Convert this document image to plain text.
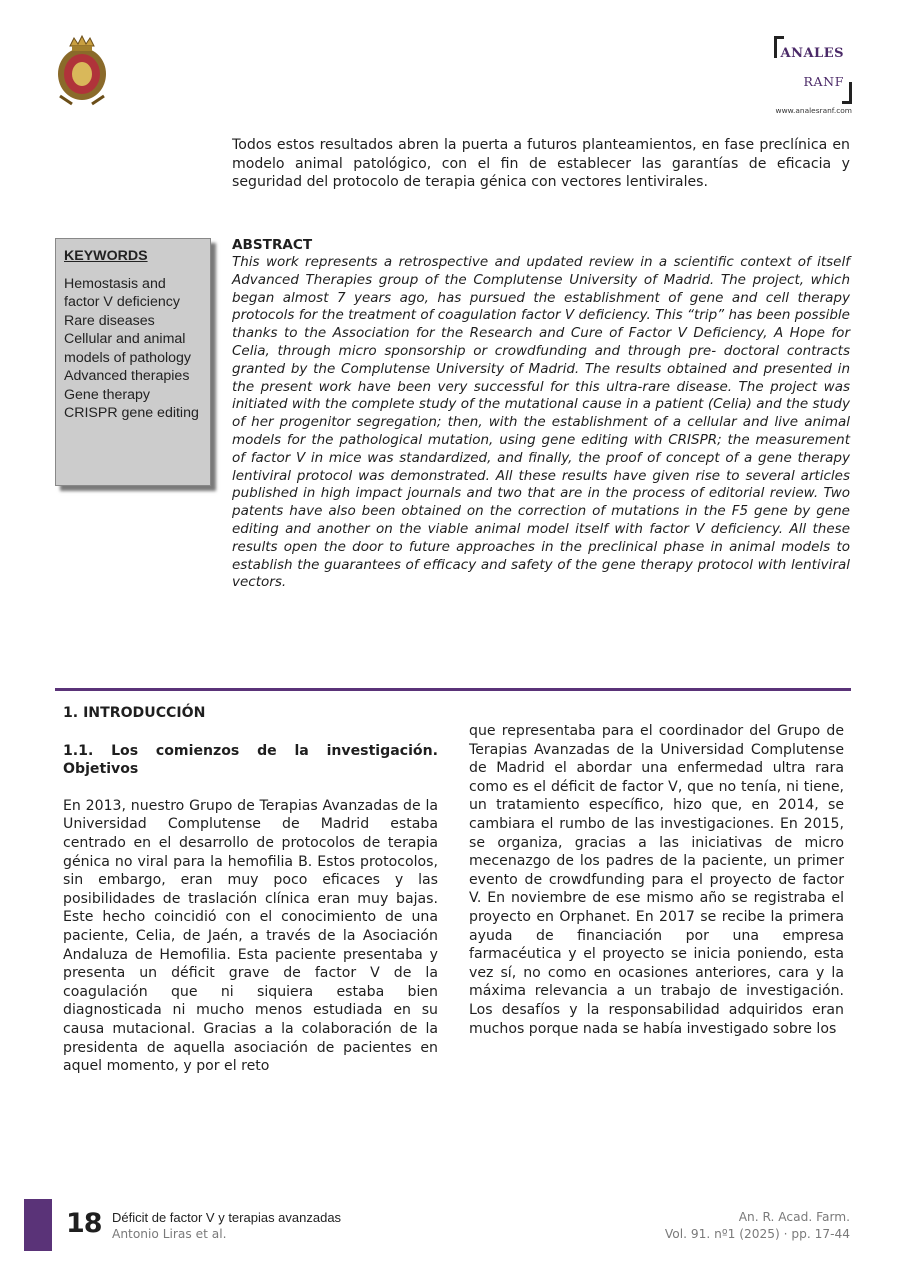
ANALES
RANF
www.analesranf.com

Todos estos resultados abren la puerta a futuros planteamientos, en fase preclínica en modelo animal patológico, con el fin de establecer las garantías de eficacia y seguridad del protocolo de terapia génica con vectores lentivirales.

KEYWORDS
Hemostasis and factor V deficiency
Rare diseases
Cellular and animal models of pathology
Advanced therapies
Gene therapy
CRISPR gene editing
ABSTRACT

This work represents a retrospective and updated review in a scientific context of itself Advanced Therapies group of the Complutense University of Madrid. The project, which began almost 7 years ago, has pursued the establishment of gene and cell therapy protocols for the treatment of coagulation factor V deficiency. This “trip” has been possible thanks to the Association for the Research and Cure of Factor V Deficiency, A Hope for Celia, through micro sponsorship or crowdfunding and through pre- doctoral contracts granted by the Complutense University of Madrid. The results obtained and presented in the present work have been very successful for this ultra-rare disease. The project was initiated with the complete study of the mutational cause in a patient (Celia) and the study of her progenitor segregation; then, with the establishment of a cellular and live animal models for the pathological mutation, using gene editing with CRISPR; the measurement of factor V in mice was standardized, and finally, the proof of concept of a gene therapy lentiviral protocol was demonstrated. All these results have given rise to several articles published in high impact journals and two that are in the process of editorial review. Two patents have also been obtained on the correction of mutations in the F5 gene by gene editing and another on the viable animal model itself with factor V deficiency. All these results open the door to future approaches in the preclinical phase in animal models to establish the guarantees of efficacy and safety of the gene therapy protocol with lentiviral vectors.

1. INTRODUCCIÓN
1.1. Los comienzos de la investigación. Objetivos

En 2013, nuestro Grupo de Terapias Avanzadas de la Universidad Complutense de Madrid estaba centrado en el desarrollo de protocolos de terapia génica no viral para la hemofilia B. Estos protocolos, sin embargo, eran muy poco eficaces y las posibilidades de traslación clínica eran muy bajas. Este hecho coincidió con el conocimiento de una paciente, Celia, de Jaén, a través de la Asociación Andaluza de Hemofilia. Esta paciente presentaba y presenta un déficit grave de factor V de la coagulación que ni siquiera estaba bien diagnosticada ni mucho menos estudiada en su causa mutacional. Gracias a la colaboración de la presidenta de aquella asociación de pacientes en aquel momento, y por el reto

que representaba para el coordinador del Grupo de Terapias Avanzadas de la Universidad Complutense de Madrid el abordar una enfermedad ultra rara como es el déficit de factor V, que no tenía, ni tiene, un tratamiento específico, hizo que, en 2014, se cambiara el rumbo de las investigaciones. En 2015, se organiza, gracias a las iniciativas de micro mecenazgo de los padres de la paciente, un primer evento de crowdfunding para el proyecto de factor V. En noviembre de ese mismo año se registraba el proyecto en Orphanet. En 2017 se recibe la primera ayuda de financiación por una empresa farmacéutica y el proyecto se inicia poniendo, esta vez sí, no como en ocasiones anteriores, cara y la máxima relevancia a un trabajo de investigación. Los desafíos y la responsabilidad adquiridos eran muchos porque nada se había investigado sobre los

18 Déficit de factor V y terapias avanzadas
Antonio Liras et al.
An. R. Acad. Farm.
Vol. 91. nº1 (2025) · pp. 17-44
